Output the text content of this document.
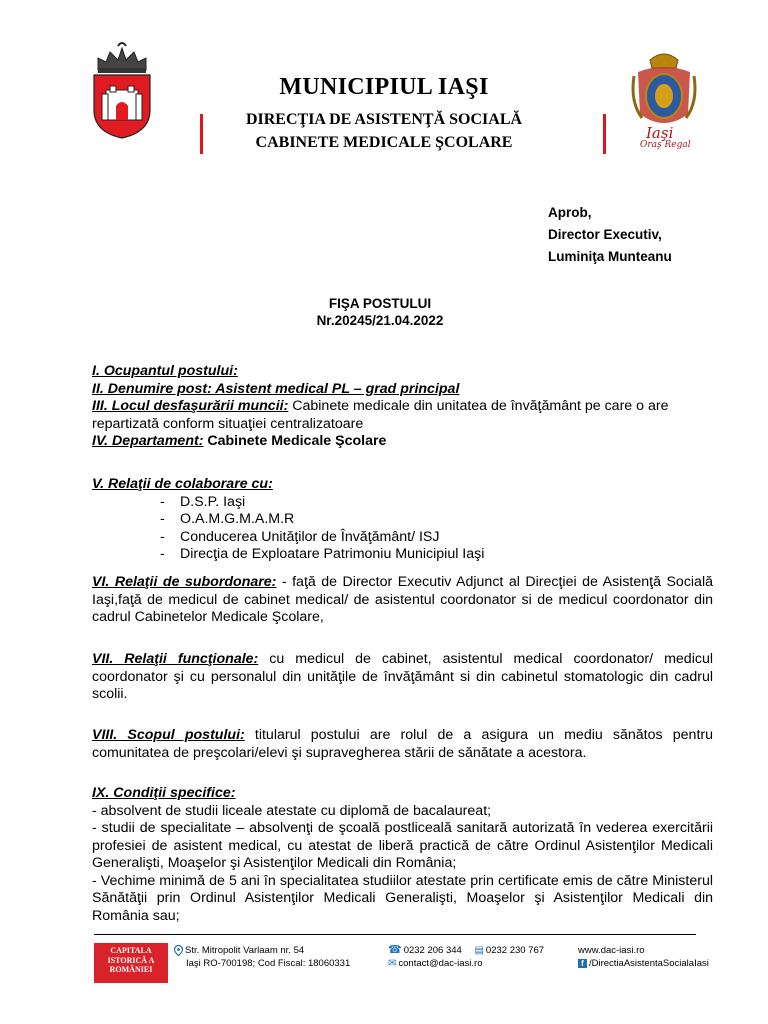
MUNICIPIUL IAŞI
DIRECŢIA DE ASISTENŢĂ SOCIALĂ
CABINETE MEDICALE ŞCOLARE
Iaşi
Oraş Regal
Aprob,
Director Executiv,
Luminiţa Munteanu
FIŞA POSTULUI
Nr.20245/21.04.2022
I. Ocupantul postului:
II. Denumire post: Asistent medical PL – grad principal
III. Locul desfaşurării muncii: Cabinete medicale din unitatea de învăţământ pe care o are repartizată conform situaţiei centralizatoare
IV. Departament: Cabinete Medicale Şcolare
V. Relaţii de colaborare cu:
- D.S.P. Iaşi
- O.A.M.G.M.A.M.R
- Conducerea Unităţilor de Învăţământ/ ISJ
- Direcţia de Exploatare Patrimoniu Municipiul Iaşi
VI. Relaţii de subordonare: - faţă de Director Executiv Adjunct al Direcţiei de Asistenţă Socială Iaşi,faţă de medicul de cabinet medical/ de asistentul coordonator si de medicul coordonator din cadrul Cabinetelor Medicale Şcolare,
VII. Relaţii funcţionale: cu medicul de cabinet, asistentul medical coordonator/ medicul coordonator şi cu personalul din unităţile de învăţământ si din cabinetul stomatologic din cadrul scolii.
VIII. Scopul postului: titularul postului are rolul de a asigura un mediu sănătos pentru comunitatea de preşcolari/elevi şi supravegherea stării de sănătate a acestora.
IX. Condiţii specifice:
- absolvent de studii liceale atestate cu diplomă de bacalaureat;
- studii de specialitate – absolvenţi de şcoală postliceală sanitară autorizată în vederea exercitării profesiei de asistent medical, cu atestat de liberă practică de către Ordinul Asistenţilor Medicali Generalişti, Moaşelor şi Asistenţilor Medicali din România;
- Vechime minimă de 5 ani în specialitatea studiilor atestate prin certificate emis de către Ministerul Sănătăţii prin Ordinul Asistenţilor Medicali Generalişti, Moaşelor şi Asistenţilor Medicali din România sau;
CAPITALA
ISTORICĂ A
ROMÂNIEI
Str. Mitropolit Varlaam nr. 54
Iaşi RO-700198; Cod Fiscal: 18060331
☎ 0232 206 344 ▤ 0232 230 767
✉ contact@dac-iasi.ro
www.dac-iasi.ro
f /DirectiaAsistentaSocialaIasi
